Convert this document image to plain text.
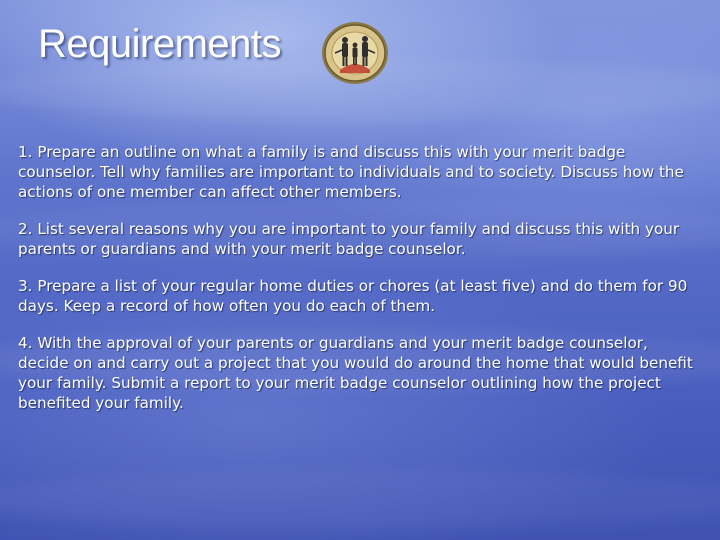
Requirements

1. Prepare an outline on what a family is and discuss this with your merit badge counselor. Tell why families are important to individuals and to society. Discuss how the actions of one member can affect other members.

2. List several reasons why you are important to your family and discuss this with your parents or guardians and with your merit badge counselor.

3. Prepare a list of your regular home duties or chores (at least five) and do them for 90 days. Keep a record of how often you do each of them.

4. With the approval of your parents or guardians and your merit badge counselor, decide on and carry out a project that you would do around the home that would benefit your family. Submit a report to your merit badge counselor outlining how the project benefited your family.
